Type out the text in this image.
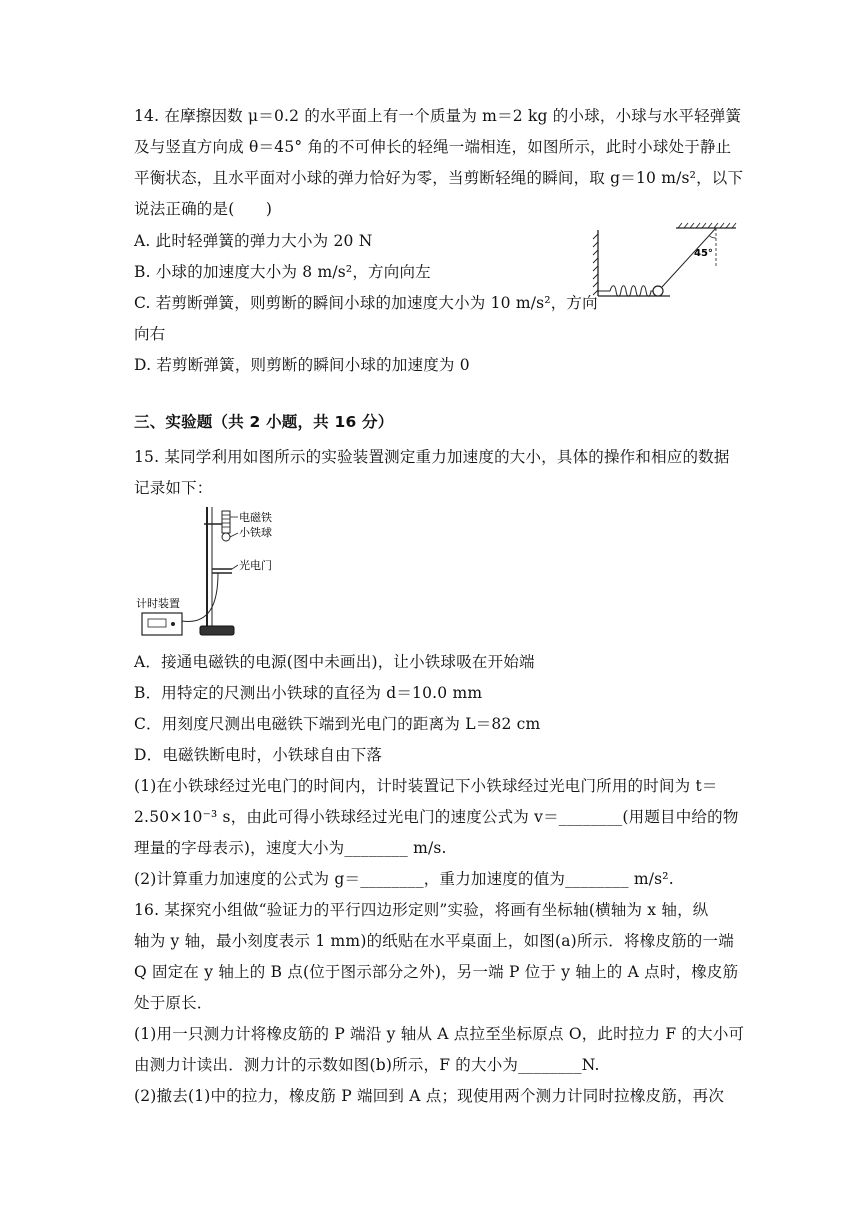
14. 在摩擦因数 μ＝0.2 的水平面上有一个质量为 m＝2 kg 的小球，小球与水平轻弹簧
及与竖直方向成 θ＝45° 角的不可伸长的轻绳一端相连，如图所示，此时小球处于静止
平衡状态，且水平面对小球的弹力恰好为零，当剪断轻绳的瞬间，取 g＝10 m/s²，以下
说法正确的是(　　)
A. 此时轻弹簧的弹力大小为 20 N
B. 小球的加速度大小为 8 m/s²，方向向左
C. 若剪断弹簧，则剪断的瞬间小球的加速度大小为 10 m/s²，方向
向右
D. 若剪断弹簧，则剪断的瞬间小球的加速度为 0
45°
三、实验题（共 2 小题，共 16 分）
15. 某同学利用如图所示的实验装置测定重力加速度的大小，具体的操作和相应的数据
记录如下：
电磁铁
小铁球
光电门
计时装置
A．接通电磁铁的电源(图中未画出)，让小铁球吸在开始端
B．用特定的尺测出小铁球的直径为 d＝10.0 mm
C．用刻度尺测出电磁铁下端到光电门的距离为 L＝82 cm
D．电磁铁断电时，小铁球自由下落
(1)在小铁球经过光电门的时间内，计时装置记下小铁球经过光电门所用的时间为 t＝
2.50×10⁻³ s，由此可得小铁球经过光电门的速度公式为 v＝________(用题目中给的物
理量的字母表示)，速度大小为________ m/s.
(2)计算重力加速度的公式为 g＝________，重力加速度的值为________ m/s².
16. 某探究小组做“验证力的平行四边形定则”实验，将画有坐标轴(横轴为 x 轴，纵
轴为 y 轴，最小刻度表示 1 mm)的纸贴在水平桌面上，如图(a)所示．将橡皮筋的一端
Q 固定在 y 轴上的 B 点(位于图示部分之外)，另一端 P 位于 y 轴上的 A 点时，橡皮筋
处于原长．
(1)用一只测力计将橡皮筋的 P 端沿 y 轴从 A 点拉至坐标原点 O，此时拉力 F 的大小可
由测力计读出．测力计的示数如图(b)所示，F 的大小为________N.
(2)撤去(1)中的拉力，橡皮筋 P 端回到 A 点；现使用两个测力计同时拉橡皮筋，再次
